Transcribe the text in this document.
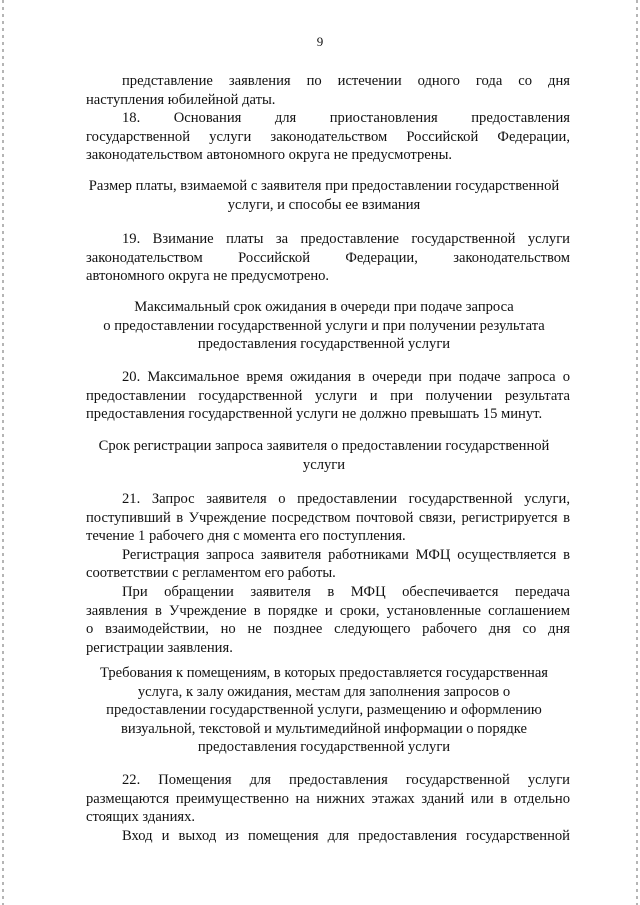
9
представление заявления по истечении одного года со дня
наступления юбилейной даты.
18. Основания для приостановления предоставления
государственной услуги законодательством Российской Федерации,
законодательством автономного округа не предусмотрены.
Размер платы, взимаемой с заявителя при предоставлении государственной
услуги, и способы ее взимания
19. Взимание платы за предоставление государственной услуги
законодательством Российской Федерации, законодательством
автономного округа не предусмотрено.
Максимальный срок ожидания в очереди при подаче запроса
о предоставлении государственной услуги и при получении результата
предоставления государственной услуги
20. Максимальное время ожидания в очереди при подаче запроса о
предоставлении государственной услуги и при получении результата
предоставления государственной услуги не должно превышать 15 минут.
Срок регистрации запроса заявителя о предоставлении государственной
услуги
21. Запрос заявителя о предоставлении государственной услуги,
поступивший в Учреждение посредством почтовой связи, регистрируется в
течение 1 рабочего дня с момента его поступления.
Регистрация запроса заявителя работниками МФЦ осуществляется в
соответствии с регламентом его работы.
При обращении заявителя в МФЦ обеспечивается передача
заявления в Учреждение в порядке и сроки, установленные соглашением
о взаимодействии, но не позднее следующего рабочего дня со дня
регистрации заявления.
Требования к помещениям, в которых предоставляется государственная
услуга, к залу ожидания, местам для заполнения запросов о
предоставлении государственной услуги, размещению и оформлению
визуальной, текстовой и мультимедийной информации о порядке
предоставления государственной услуги
22. Помещения для предоставления государственной услуги
размещаются преимущественно на нижних этажах зданий или в отдельно
стоящих зданиях.
Вход и выход из помещения для предоставления государственной
